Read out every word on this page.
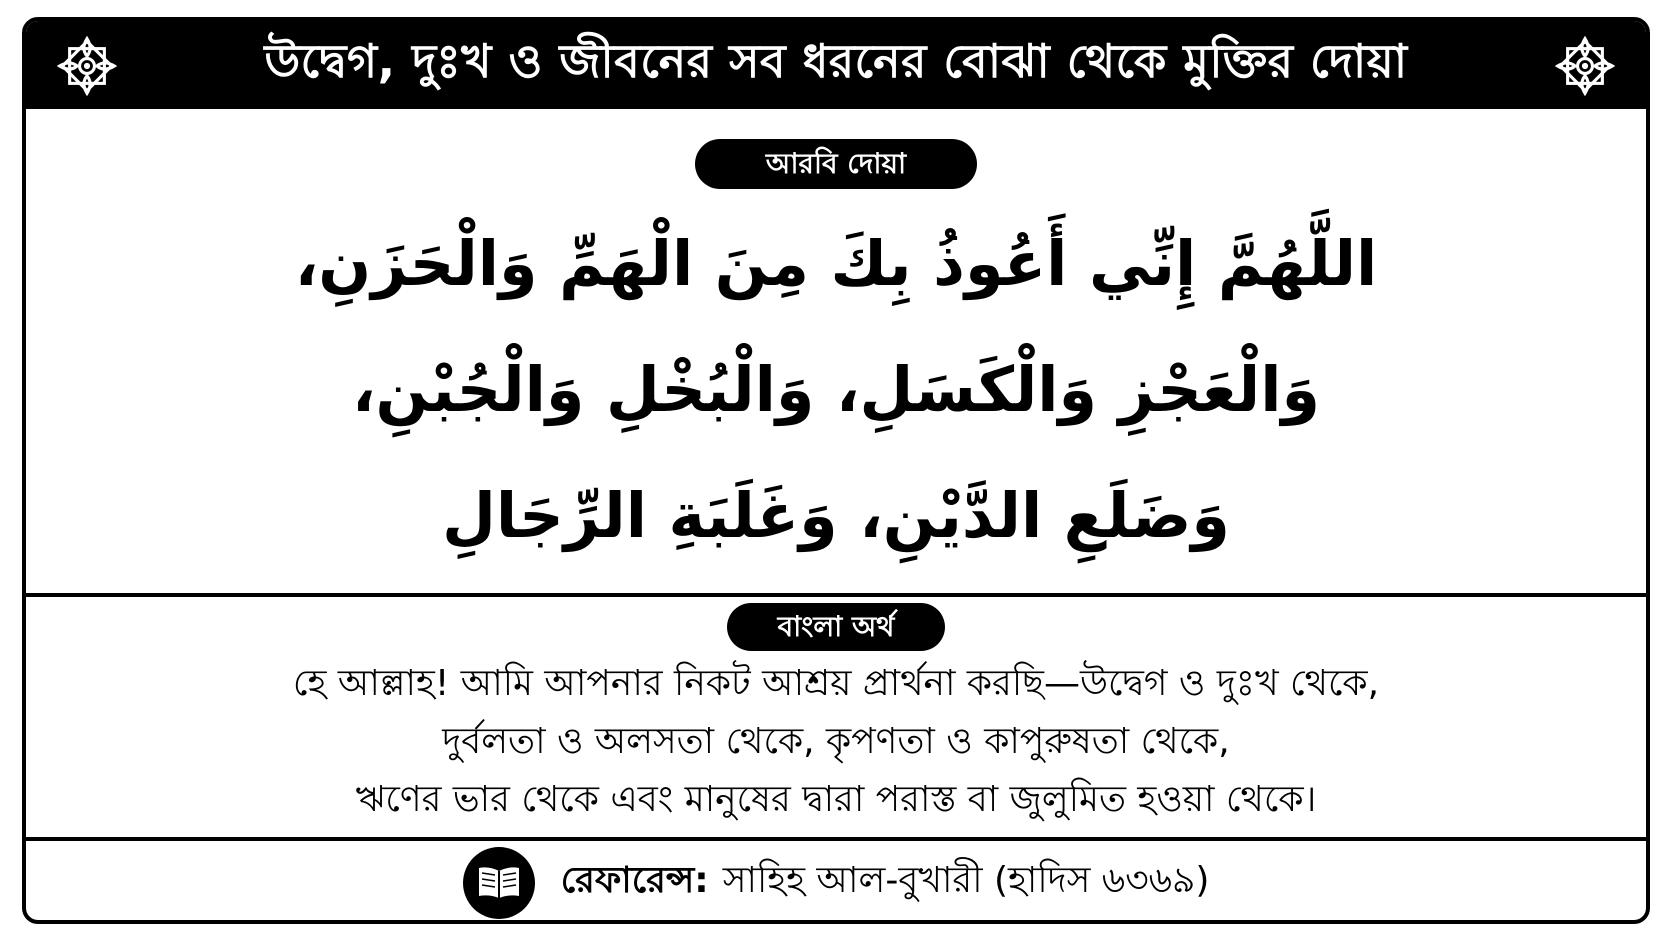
উদ্বেগ, দুঃখ ও জীবনের সব ধরনের বোঝা থেকে মুক্তির দোয়া
আরবি দোয়া
اللَّهُمَّ إِنِّي أَعُوذُ بِكَ مِنَ الْهَمِّ وَالْحَزَنِ،
وَالْعَجْزِ وَالْكَسَلِ، وَالْبُخْلِ وَالْجُبْنِ،
وَضَلَعِ الدَّيْنِ، وَغَلَبَةِ الرِّجَالِ
বাংলা অর্থ
হে আল্লাহ! আমি আপনার নিকট আশ্রয় প্রার্থনা করছি—উদ্বেগ ও দুঃখ থেকে,
দুর্বলতা ও অলসতা থেকে, কৃপণতা ও কাপুরুষতা থেকে,
ঋণের ভার থেকে এবং মানুষের দ্বারা পরাস্ত বা জুলুমিত হওয়া থেকে।
রেফারেন্স: সাহিহ আল-বুখারী (হাদিস ৬৩৬৯)
